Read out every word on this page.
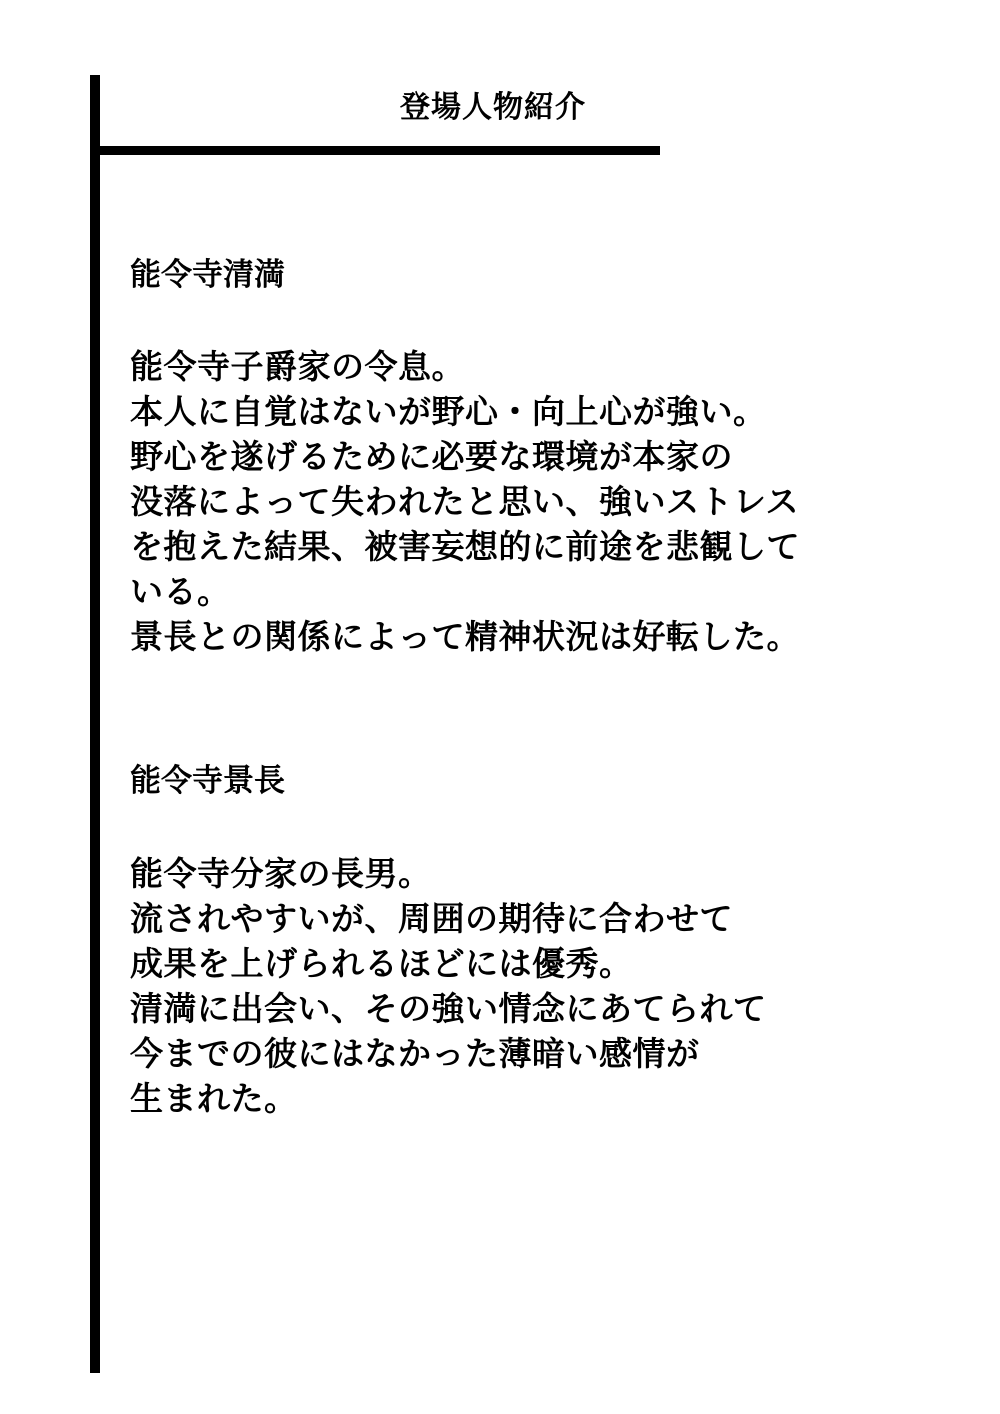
登場人物紹介
能令寺清満
能令寺子爵家の令息。
本人に自覚はないが野心・向上心が強い。
野心を遂げるために必要な環境が本家の
没落によって失われたと思い、強いストレス
を抱えた結果、被害妄想的に前途を悲観して
いる。
景長との関係によって精神状況は好転した。
能令寺景長
能令寺分家の長男。
流されやすいが、周囲の期待に合わせて
成果を上げられるほどには優秀。
清満に出会い、その強い情念にあてられて
今までの彼にはなかった薄暗い感情が
生まれた。
